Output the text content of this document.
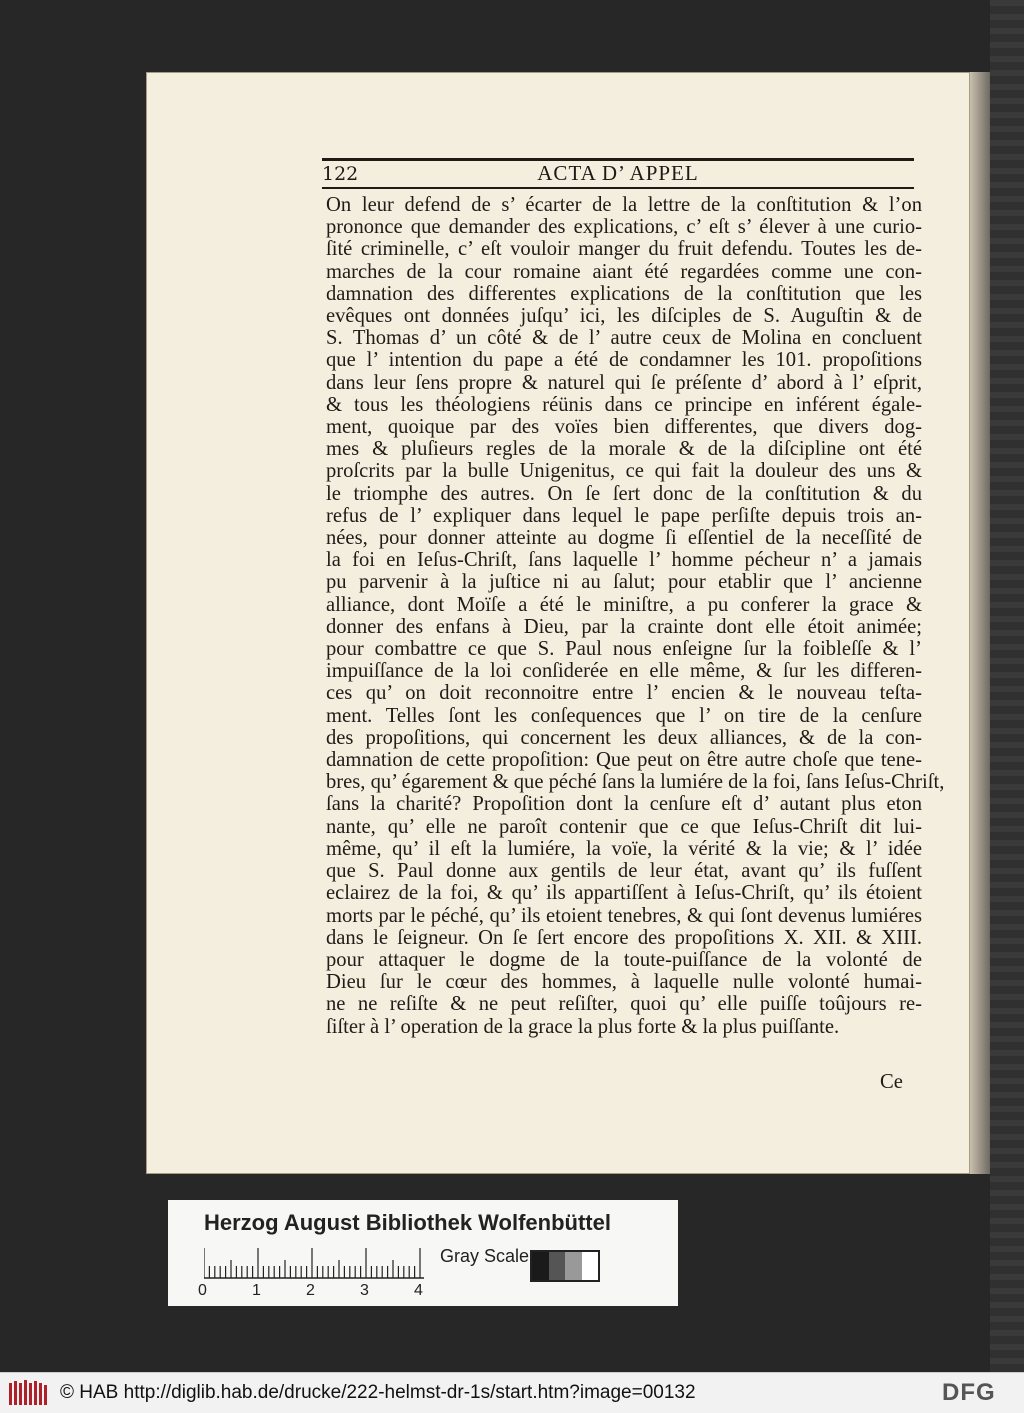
122	ACTA D’ APPEL
On leur defend de s’ écarter de la lettre de la conſtitution & l’on
prononce que demander des explications, c’ eſt s’ élever à une curio-
ſité criminelle, c’ eſt vouloir manger du fruit defendu. Toutes les de-
marches de la cour romaine aiant été regardées comme une con-
damnation des differentes explications de la conſtitution que les
evêques ont données juſqu’ ici, les diſciples de S. Auguſtin & de
S. Thomas d’ un côté & de l’ autre ceux de Molina en concluent
que l’ intention du pape a été de condamner les 101. propoſitions
dans leur ſens propre & naturel qui ſe préſente d’ abord à l’ eſprit,
& tous les théologiens réünis dans ce principe en inférent égale-
ment, quoique par des voïes bien differentes, que divers dog-
mes & pluſieurs regles de la morale & de la diſcipline ont été
proſcrits par la bulle Unigenitus, ce qui fait la douleur des uns &
le triomphe des autres. On ſe ſert donc de la conſtitution & du
refus de l’ expliquer dans lequel le pape perſiſte depuis trois an-
nées, pour donner atteinte au dogme ſi eſſentiel de la neceſſité de
la foi en Ieſus-Chriſt, ſans laquelle l’ homme pécheur n’ a jamais
pu parvenir à la juſtice ni au ſalut; pour etablir que l’ ancienne
alliance, dont Moïſe a été le miniſtre, a pu conferer la grace &
donner des enfans à Dieu, par la crainte dont elle étoit animée;
pour combattre ce que S. Paul nous enſeigne ſur la foibleſſe & l’
impuiſſance de la loi conſiderée en elle même, & ſur les differen-
ces qu’ on doit reconnoitre entre l’ encien & le nouveau teſta-
ment. Telles ſont les conſequences que l’ on tire de la cenſure
des propoſitions, qui concernent les deux alliances, & de la con-
damnation de cette propoſition: Que peut on être autre choſe que tene-
bres, qu’ égarement & que péché ſans la lumiére de la foi, ſans Ieſus-Chriſt,
ſans la charité? Propoſition dont la cenſure eſt d’ autant plus eton
nante, qu’ elle ne paroît contenir que ce que Ieſus-Chriſt dit lui-
même, qu’ il eſt la lumiére, la voïe, la vérité & la vie; & l’ idée
que S. Paul donne aux gentils de leur état, avant qu’ ils fuſſent
eclairez de la foi, & qu’ ils appartiſſent à Ieſus-Chriſt, qu’ ils étoient
morts par le péché, qu’ ils etoient tenebres, & qui ſont devenus lumiéres
dans le ſeigneur. On ſe ſert encore des propoſitions X. XII. & XIII.
pour attaquer le dogme de la toute-puiſſance de la volonté de
Dieu ſur le cœur des hommes, à laquelle nulle volonté humai-
ne ne reſiſte & ne peut reſiſter, quoi qu’ elle puiſſe toûjours re-
ſiſter à l’ operation de la grace la plus forte & la plus puiſſante.
Ce
Herzog August Bibliothek Wolfenbüttel
Gray Scale
0	1	2	3	4
© HAB http://diglib.hab.de/drucke/222-helmst-dr-1s/start.htm?image=00132	DFG
